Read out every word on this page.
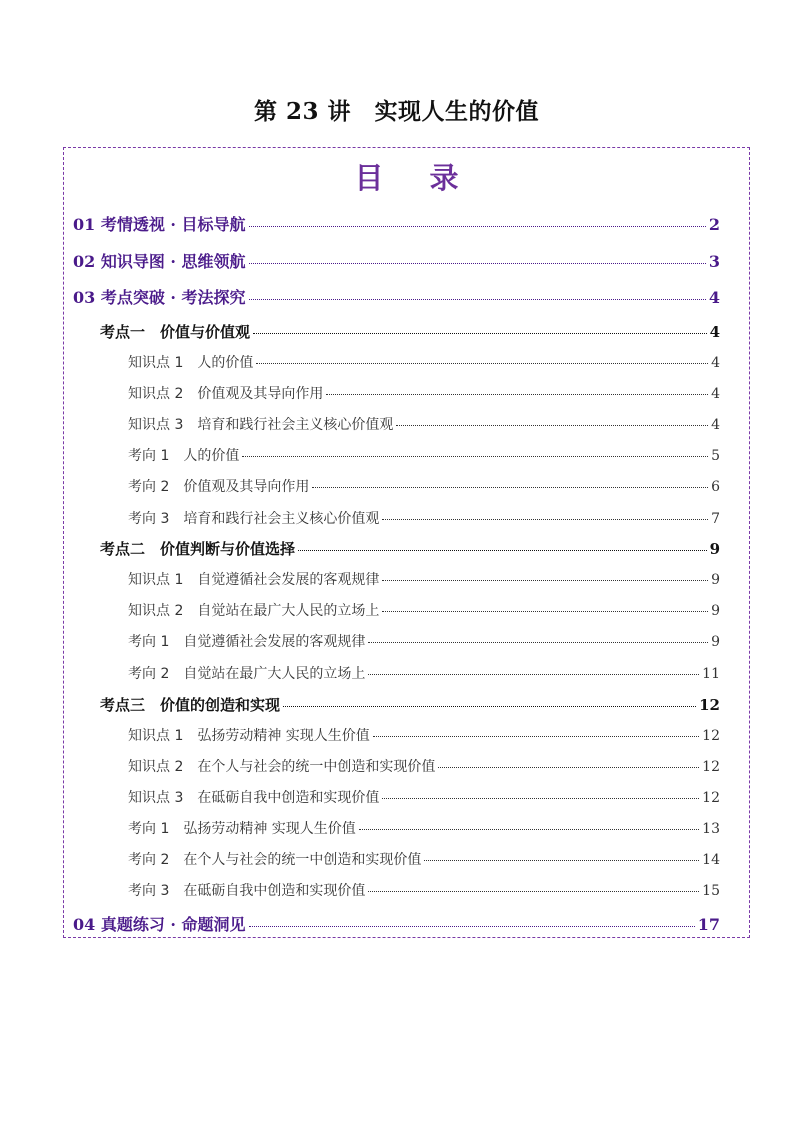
第 23 讲　实现人生的价值
目 录
01 考情透视 · 目标导航	2
02 知识导图 · 思维领航	3
03 考点突破 · 考法探究	4
考点一　价值与价值观	4
知识点 1　人的价值	4
知识点 2　价值观及其导向作用	4
知识点 3　培育和践行社会主义核心价值观	4
考向 1　人的价值	5
考向 2　价值观及其导向作用	6
考向 3　培育和践行社会主义核心价值观	7
考点二　价值判断与价值选择	9
知识点 1　自觉遵循社会发展的客观规律	9
知识点 2　自觉站在最广大人民的立场上	9
考向 1　自觉遵循社会发展的客观规律	9
考向 2　自觉站在最广大人民的立场上	11
考点三　价值的创造和实现	12
知识点 1　弘扬劳动精神 实现人生价值	12
知识点 2　在个人与社会的统一中创造和实现价值	12
知识点 3　在砥砺自我中创造和实现价值	12
考向 1　弘扬劳动精神 实现人生价值	13
考向 2　在个人与社会的统一中创造和实现价值	14
考向 3　在砥砺自我中创造和实现价值	15
04 真题练习 · 命题洞见	17
